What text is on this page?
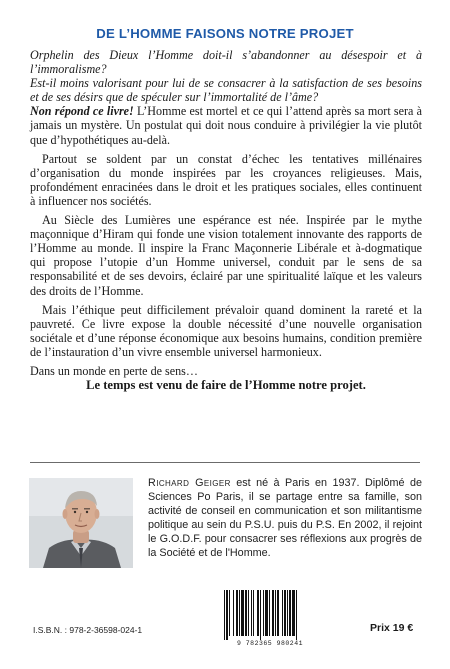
DE L’HOMME FAISONS NOTRE PROJET

Orphelin des Dieux l’Homme doit-il s’abandonner au désespoir et à l’immoralisme?

Est-il moins valorisant pour lui de se consacrer à la satisfaction de ses besoins et de ses désirs que de spéculer sur l’immortalité de l’âme?

Non répond ce livre! L’Homme est mortel et ce qui l’attend après sa mort sera à jamais un mystère. Un postulat qui doit nous conduire à privilégier la vie plutôt que d’hypothétiques au-delà.

Partout se soldent par un constat d’échec les tentatives millénaires d’organisation du monde inspirées par les croyances religieuses. Mais, profondément enracinées dans le droit et les pratiques sociales, elles continuent à influencer nos sociétés.

Au Siècle des Lumières une espérance est née. Inspirée par le mythe maçonnique d’Hiram qui fonde une vision totalement innovante des rapports de l’Homme au monde. Il inspire la Franc Maçonnerie Libérale et à-dogmatique qui propose l’utopie d’un Homme universel, conduit par le sens de sa responsabilité et de ses devoirs, éclairé par une spiritualité laïque et les valeurs des droits de l’Homme.

Mais l’éthique peut difficilement prévaloir quand dominent la rareté et la pauvreté. Ce livre expose la double nécessité d’une nouvelle organisation sociétale et d’une réponse économique aux besoins humains, condition première de l’instauration d’un vivre ensemble universel harmonieux.

Dans un monde en perte de sens…

Le temps est venu de faire de l’Homme notre projet.

Richard Geiger est né à Paris en 1937. Diplômé de Sciences Po Paris, il se partage entre sa famille, son activité de conseil en communication et son militantisme politique au sein du P.S.U. puis du P.S. En 2002, il rejoint le G.O.D.F. pour consacrer ses réflexions aux progrès de la Société et de l'Homme.
I.S.B.N. : 978-2-36598-024-1
9 782365 980241
Prix 19 €
